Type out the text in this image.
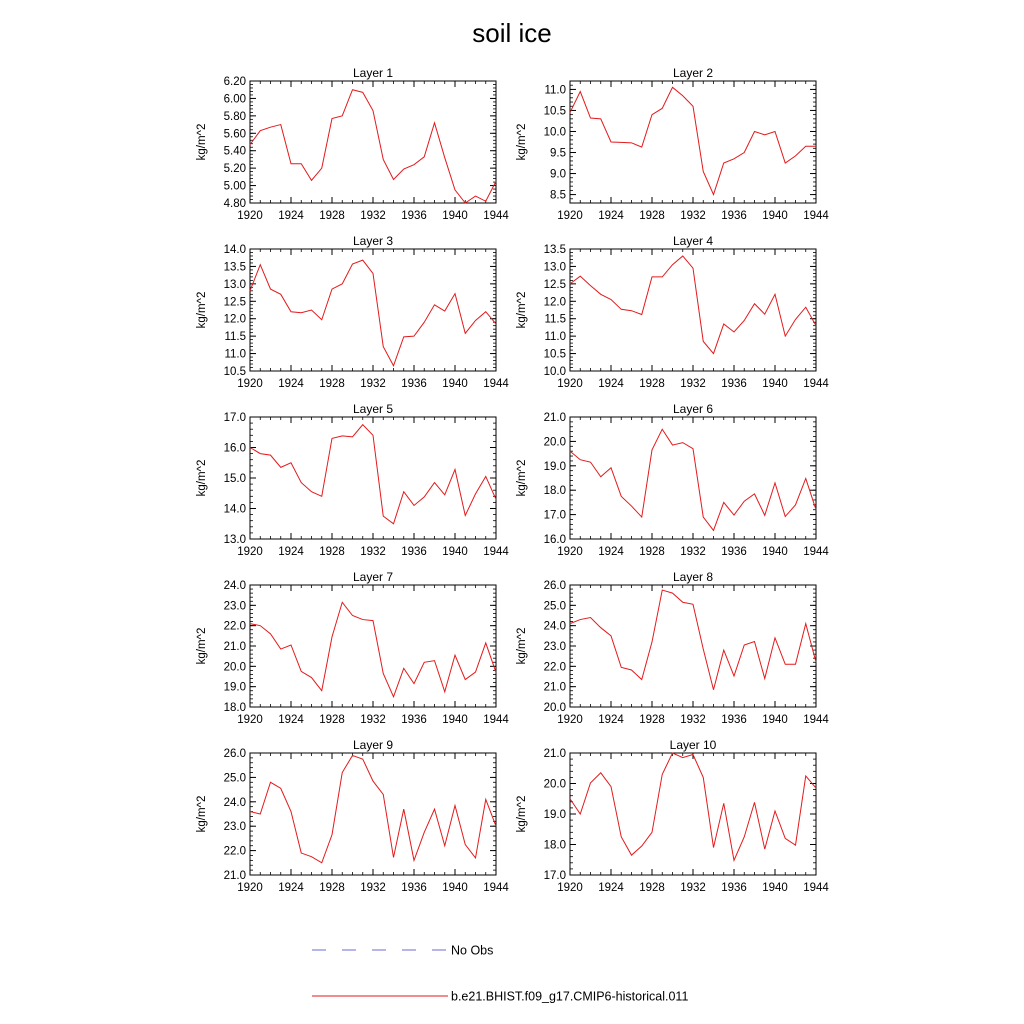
soil ice
Layer 1
kg/m^2
4.80
5.00
5.20
5.40
5.60
5.80
6.00
6.20
1920 1924 1928 1932 1936 1940 1944
Layer 2
kg/m^2
8.5
9.0
9.5
10.0
10.5
11.0
1920 1924 1928 1932 1936 1940 1944
Layer 3
kg/m^2
10.5
11.0
11.5
12.0
12.5
13.0
13.5
14.0
1920 1924 1928 1932 1936 1940 1944
Layer 4
kg/m^2
10.0
10.5
11.0
11.5
12.0
12.5
13.0
13.5
1920 1924 1928 1932 1936 1940 1944
Layer 5
kg/m^2
13.0
14.0
15.0
16.0
17.0
1920 1924 1928 1932 1936 1940 1944
Layer 6
kg/m^2
16.0
17.0
18.0
19.0
20.0
21.0
1920 1924 1928 1932 1936 1940 1944
Layer 7
kg/m^2
18.0
19.0
20.0
21.0
22.0
23.0
24.0
1920 1924 1928 1932 1936 1940 1944
Layer 8
kg/m^2
20.0
21.0
22.0
23.0
24.0
25.0
26.0
1920 1924 1928 1932 1936 1940 1944
Layer 9
kg/m^2
21.0
22.0
23.0
24.0
25.0
26.0
1920 1924 1928 1932 1936 1940 1944
Layer 10
kg/m^2
17.0
18.0
19.0
20.0
21.0
1920 1924 1928 1932 1936 1940 1944
No Obs
b.e21.BHIST.f09_g17.CMIP6-historical.011
